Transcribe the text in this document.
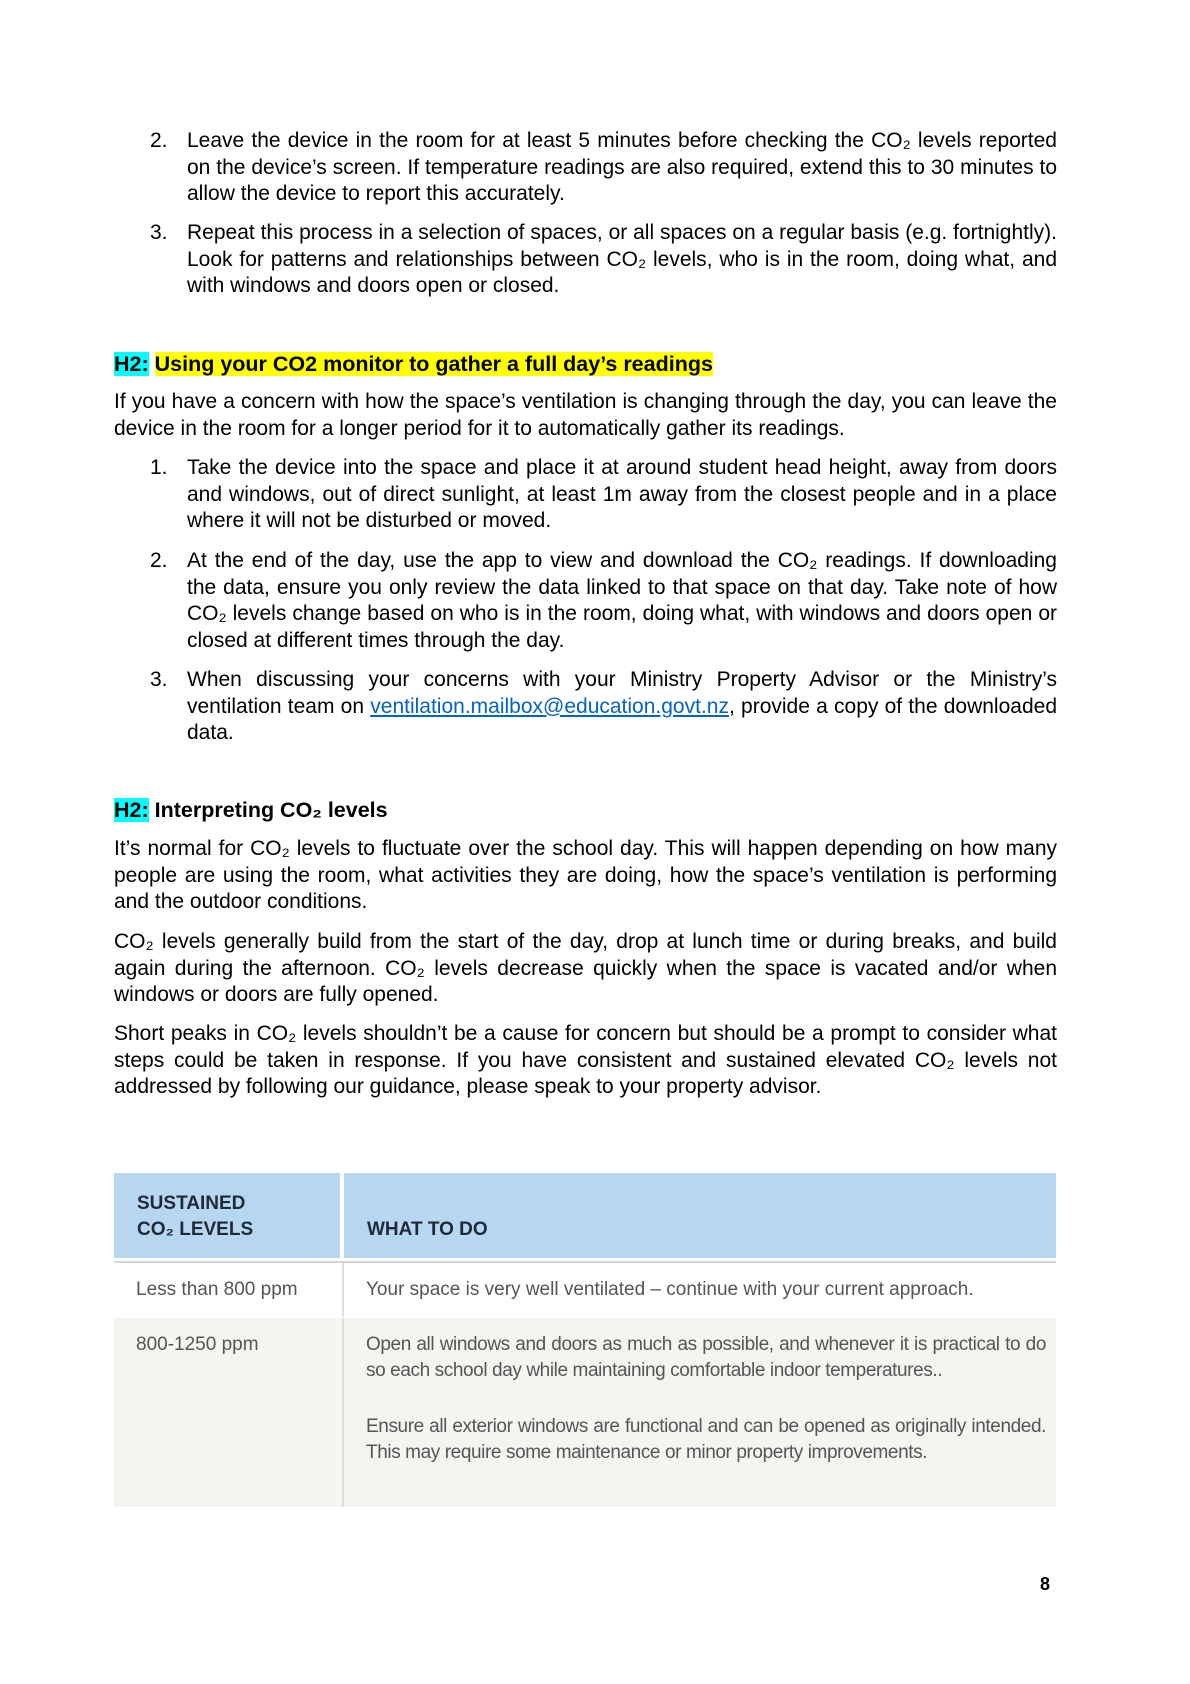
2. Leave the device in the room for at least 5 minutes before checking the CO₂ levels reported on the device’s screen. If temperature readings are also required, extend this to 30 minutes to allow the device to report this accurately.
3. Repeat this process in a selection of spaces, or all spaces on a regular basis (e.g. fortnightly). Look for patterns and relationships between CO₂ levels, who is in the room, doing what, and with windows and doors open or closed.
H2: Using your CO2 monitor to gather a full day’s readings
If you have a concern with how the space’s ventilation is changing through the day, you can leave the device in the room for a longer period for it to automatically gather its readings.
1. Take the device into the space and place it at around student head height, away from doors and windows, out of direct sunlight, at least 1m away from the closest people and in a place where it will not be disturbed or moved.
2. At the end of the day, use the app to view and download the CO₂ readings. If downloading the data, ensure you only review the data linked to that space on that day. Take note of how CO₂ levels change based on who is in the room, doing what, with windows and doors open or closed at different times through the day.
3. When discussing your concerns with your Ministry Property Advisor or the Ministry’s ventilation team on ventilation.mailbox@education.govt.nz, provide a copy of the downloaded data.
H2: Interpreting CO₂ levels
It’s normal for CO₂ levels to fluctuate over the school day. This will happen depending on how many people are using the room, what activities they are doing, how the space’s ventilation is performing and the outdoor conditions.
CO₂ levels generally build from the start of the day, drop at lunch time or during breaks, and build again during the afternoon. CO₂ levels decrease quickly when the space is vacated and/or when windows or doors are fully opened.
Short peaks in CO₂ levels shouldn’t be a cause for concern but should be a prompt to consider what steps could be taken in response. If you have consistent and sustained elevated CO₂ levels not addressed by following our guidance, please speak to your property advisor.
SUSTAINED
CO₂ LEVELS	WHAT TO DO
Less than 800 ppm	Your space is very well ventilated – continue with your current approach.
800-1250 ppm	Open all windows and doors as much as possible, and whenever it is practical to do so each school day while maintaining comfortable indoor temperatures..

Ensure all exterior windows are functional and can be opened as originally intended. This may require some maintenance or minor property improvements.

8
